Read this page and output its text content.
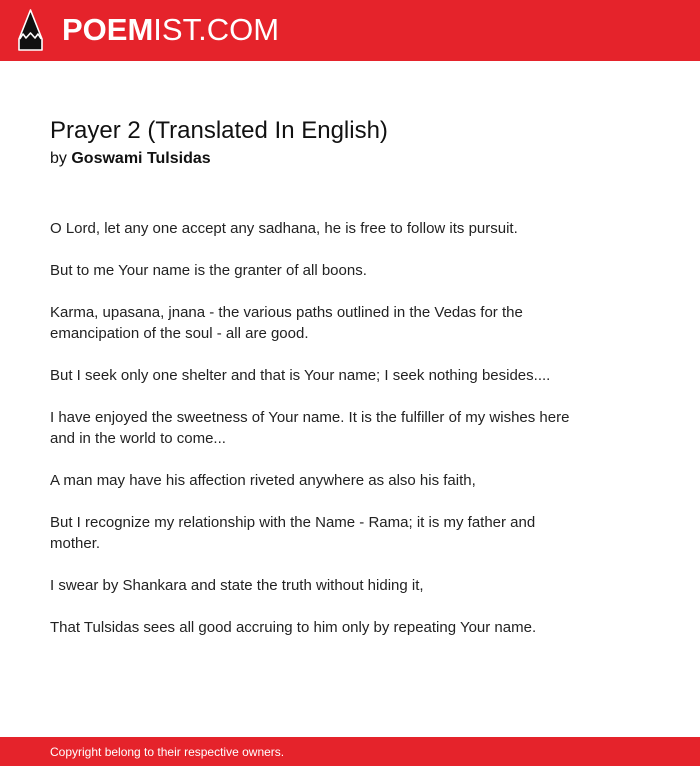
POEMIST.COM
Prayer 2 (Translated In English)
by Goswami Tulsidas

O Lord, let any one accept any sadhana, he is free to follow its pursuit.

But to me Your name is the granter of all boons.

Karma, upasana, jnana - the various paths outlined in the Vedas for the emancipation of the soul - all are good.

But I seek only one shelter and that is Your name; I seek nothing besides....

I have enjoyed the sweetness of Your name. It is the fulfiller of my wishes here and in the world to come...

A man may have his affection riveted anywhere as also his faith,

But I recognize my relationship with the Name - Rama; it is my father and mother.

I swear by Shankara and state the truth without hiding it,

That Tulsidas sees all good accruing to him only by repeating Your name.

Copyright belong to their respective owners.
